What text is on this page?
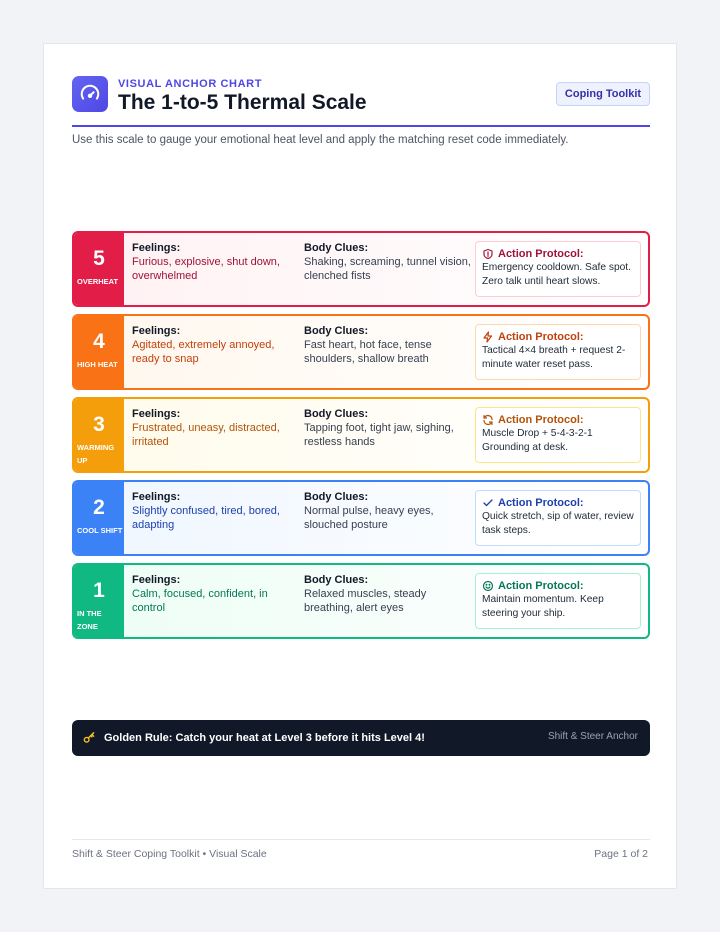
VISUAL ANCHOR CHART
The 1-to-5 Thermal Scale	Coping Toolkit
Use this scale to gauge your emotional heat level and apply the matching reset code immediately.
5
OVERHEAT
Feelings:
Furious, explosive, shut down, overwhelmed
Body Clues:
Shaking, screaming, tunnel vision, clenched fists
Action Protocol:
Emergency cooldown. Safe spot. Zero talk until heart slows.
4
HIGH HEAT
Feelings:
Agitated, extremely annoyed, ready to snap
Body Clues:
Fast heart, hot face, tense shoulders, shallow breath
Action Protocol:
Tactical 4×4 breath + request 2-minute water reset pass.
3
WARMING UP
Feelings:
Frustrated, uneasy, distracted, irritated
Body Clues:
Tapping foot, tight jaw, sighing, restless hands
Action Protocol:
Muscle Drop + 5-4-3-2-1 Grounding at desk.
2
COOL SHIFT
Feelings:
Slightly confused, tired, bored, adapting
Body Clues:
Normal pulse, heavy eyes, slouched posture
Action Protocol:
Quick stretch, sip of water, review task steps.
1
IN THE ZONE
Feelings:
Calm, focused, confident, in control
Body Clues:
Relaxed muscles, steady breathing, alert eyes
Action Protocol:
Maintain momentum. Keep steering your ship.
Golden Rule: Catch your heat at Level 3 before it hits Level 4!	Shift & Steer Anchor
Shift & Steer Coping Toolkit • Visual Scale	Page 1 of 2
